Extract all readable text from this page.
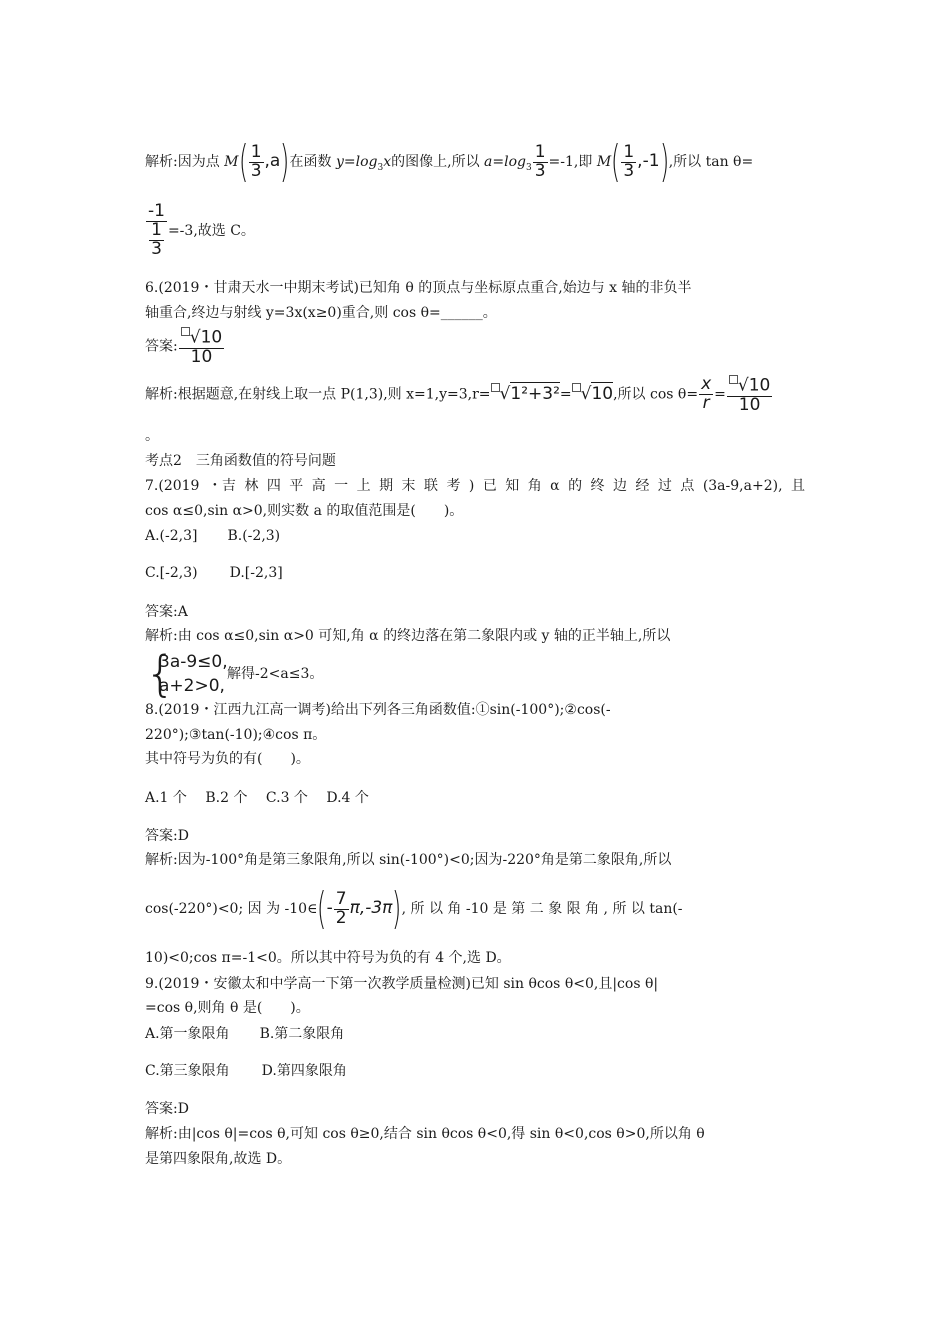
解析:因为点 $M( \frac{1}{3} ,a)$在函数 $y=\log_3x$的图像上,所以 $a=\log_3 \frac{1}{3} =-1$,即 $M( \frac{1}{3} ,-1)$,所以 tan θ=
$\frac{-1}{\frac{1}{3}} =-3$,故选 C。
6.(2019・甘肃天水一中期末考试)已知角 θ 的顶点与坐标原点重合,始边与 x 轴的非负半
轴重合,终边与射线 y=3x(x≥0)重合,则 cos θ=______。
答案: $\frac{√10}{10}$
解析:根据题意,在射线上取一点 P(1,3),则 x=1,y=3,r= √1²+3²= √10,所以 $\cos \theta= \frac{x}{r} = \frac{√10}{10}$
。
考点2　三角函数值的符号问题
7.(2019 ・吉 林 四 平 高 一 上 期 末 联 考 ) 已 知 角 α 的 终 边 经 过 点 (3a-9,a+2), 且
cos α≤0,sin α>0,则实数 a 的取值范围是(　　)。
A.(-2,3] B.(-2,3)
C.[-2,3) D.[-2,3]
答案:A
解析:由 cos α≤0,sin α>0 可知,角 α 的终边落在第二象限内或 y 轴的正半轴上,所以
{
3a-9≤0,
a+2>0,
解得-2<a≤3。
8.(2019・江西九江高一调考)给出下列各三角函数值:①sin(-100°);②cos(-
220°);③tan(-10);④cos π。
其中符号为负的有(　　)。
A.1 个　 B.2 个　 C.3 个　 D.4 个
答案:D
解析:因为-100°角是第三象限角,所以 sin(-100°)<0;因为-220°角是第二象限角,所以
cos(-220°)<0; 因 为 -10∈(- $\frac{7}{2} \pi,-3\pi$), 所 以 角 -10 是 第 二 象 限 角 , 所 以 tan(-
10)<0;cos π=-1<0。所以其中符号为负的有 4 个,选 D。
9.(2019・安徽太和中学高一下第一次教学质量检测)已知 sin θcos θ<0,且|cos θ|
=cos θ,则角 θ 是(　　)。
A.第一象限角 B.第二象限角
C.第三象限角 D.第四象限角
答案:D
解析:由|cos θ|=cos θ,可知 cos θ≥0,结合 sin θcos θ<0,得 sin θ<0,cos θ>0,所以角 θ
是第四象限角,故选 D。
